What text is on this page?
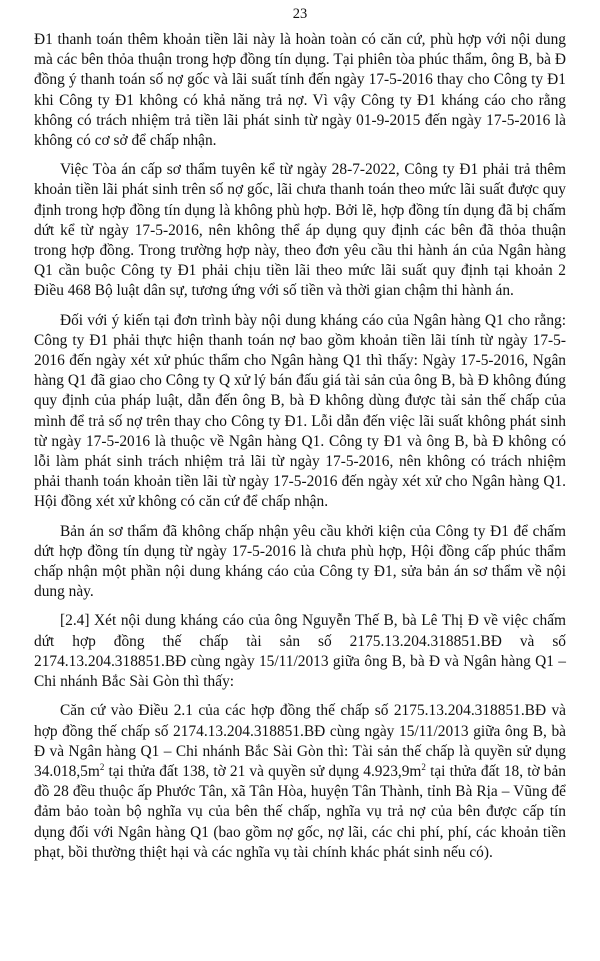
23

Đ1 thanh toán thêm khoản tiền lãi này là hoàn toàn có căn cứ, phù hợp với nội dung mà các bên thỏa thuận trong hợp đồng tín dụng. Tại phiên tòa phúc thẩm, ông B, bà Đ đồng ý thanh toán số nợ gốc và lãi suất tính đến ngày 17-5-2016 thay cho Công ty Đ1 khi Công ty Đ1 không có khả năng trả nợ. Vì vậy Công ty Đ1 kháng cáo cho rằng không có trách nhiệm trả tiền lãi phát sinh từ ngày 01-9-2015 đến ngày 17-5-2016 là không có cơ sở để chấp nhận.

Việc Tòa án cấp sơ thẩm tuyên kể từ ngày 28-7-2022, Công ty Đ1 phải trả thêm khoản tiền lãi phát sinh trên số nợ gốc, lãi chưa thanh toán theo mức lãi suất được quy định trong hợp đồng tín dụng là không phù hợp. Bởi lẽ, hợp đồng tín dụng đã bị chấm dứt kể từ ngày 17-5-2016, nên không thể áp dụng quy định các bên đã thỏa thuận trong hợp đồng. Trong trường hợp này, theo đơn yêu cầu thi hành án của Ngân hàng Q1 cần buộc Công ty Đ1 phải chịu tiền lãi theo mức lãi suất quy định tại khoản 2 Điều 468 Bộ luật dân sự, tương ứng với số tiền và thời gian chậm thi hành án.

Đối với ý kiến tại đơn trình bày nội dung kháng cáo của Ngân hàng Q1 cho rằng: Công ty Đ1 phải thực hiện thanh toán nợ bao gồm khoản tiền lãi tính từ ngày 17-5-2016 đến ngày xét xử phúc thẩm cho Ngân hàng Q1 thì thấy: Ngày 17-5-2016, Ngân hàng Q1 đã giao cho Công ty Q xử lý bán đấu giá tài sản của ông B, bà Đ không đúng quy định của pháp luật, dẫn đến ông B, bà Đ không dùng được tài sản thế chấp của mình để trả số nợ trên thay cho Công ty Đ1. Lỗi dẫn đến việc lãi suất không phát sinh từ ngày 17-5-2016 là thuộc về Ngân hàng Q1. Công ty Đ1 và ông B, bà Đ không có lỗi làm phát sinh trách nhiệm trả lãi từ ngày 17-5-2016, nên không có trách nhiệm phải thanh toán khoản tiền lãi từ ngày 17-5-2016 đến ngày xét xử cho Ngân hàng Q1. Hội đồng xét xử không có căn cứ để chấp nhận.

Bản án sơ thẩm đã không chấp nhận yêu cầu khởi kiện của Công ty Đ1 để chấm dứt hợp đồng tín dụng từ ngày 17-5-2016 là chưa phù hợp, Hội đồng cấp phúc thẩm chấp nhận một phần nội dung kháng cáo của Công ty Đ1, sửa bản án sơ thẩm về nội dung này.

[2.4] Xét nội dung kháng cáo của ông Nguyễn Thế B, bà Lê Thị Đ về việc chấm dứt hợp đồng thế chấp tài sản số 2175.13.204.318851.BĐ và số 2174.13.204.318851.BĐ cùng ngày 15/11/2013 giữa ông B, bà Đ và Ngân hàng Q1 – Chi nhánh Bắc Sài Gòn thì thấy:

Căn cứ vào Điều 2.1 của các hợp đồng thế chấp số 2175.13.204.318851.BĐ và hợp đồng thế chấp số 2174.13.204.318851.BĐ cùng ngày 15/11/2013 giữa ông B, bà Đ và Ngân hàng Q1 – Chi nhánh Bắc Sài Gòn thì: Tài sản thế chấp là quyền sử dụng $34.018,5m^2$ tại thửa đất 138, tờ 21 và quyền sử dụng $4.923,9m^2$ tại thửa đất 18, tờ bản đồ 28 đều thuộc ấp Phước Tân, xã Tân Hòa, huyện Tân Thành, tỉnh Bà Rịa – Vũng để đảm bảo toàn bộ nghĩa vụ của bên thế chấp, nghĩa vụ trả nợ của bên được cấp tín dụng đối với Ngân hàng Q1 (bao gồm nợ gốc, nợ lãi, các chi phí, phí, các khoản tiền phạt, bồi thường thiệt hại và các nghĩa vụ tài chính khác phát sinh nếu có).
